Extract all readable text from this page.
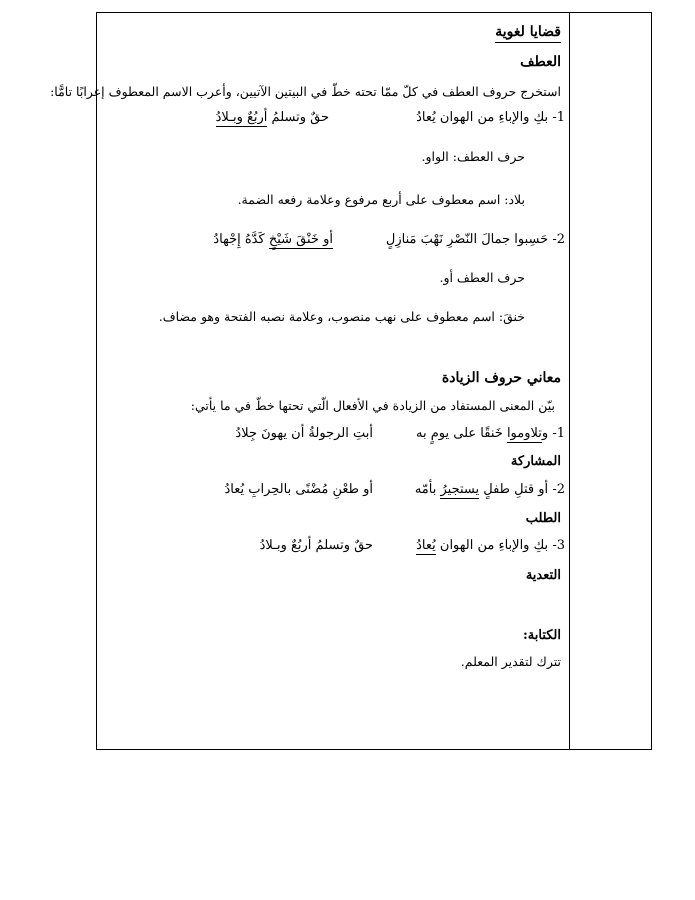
قضايا لغوية
العطف
استخرج حروف العطف في كلّ ممّا تحته خطّ في البيتين الآتيين، وأعرب الاسم المعطوف إعرابًا تامًّا:
1- بكِ والإباءِ من الهوان يُعادُ
حقٌ وتسلمُ أربُعٌ وبـلادُ
حرف العطف: الواو.
بلاد: اسم معطوف على أربع مرفوع وعلامة رفعه الضمة.
2- حَسِبوا جمالَ النّصْرِ نَهْبَ مَنازِلٍ
أو خَنْقَ شَيْخٍ كَدَّهُ إِجْهادُ
حرف العطف أو.
خنقَ: اسم معطوف على نهب منصوب، وعلامة نصبه الفتحة وهو مضاف.
معاني حروف الزيادة
بيّن المعنى المستفاد من الزيادة في الأفعال الّتي تحتها خطّ في ما يأتي:
1- وتلاوموا خَنقًا على يومٍ به
أبتِ الرجولةُ أن يهونَ جِلادُ
المشاركة
2- أو قتلِ طفلٍ يستجيرُ بأمّه
أو طعْنِ مُضْنًى بالحِرابِ يُعادُ
الطلب
3- بكِ والإباءِ من الهوان يُعادُ
حقٌ وتسلمُ أربُعٌ وبـلادُ
التعدية
الكتابة:
تترك لتقدير المعلم.
